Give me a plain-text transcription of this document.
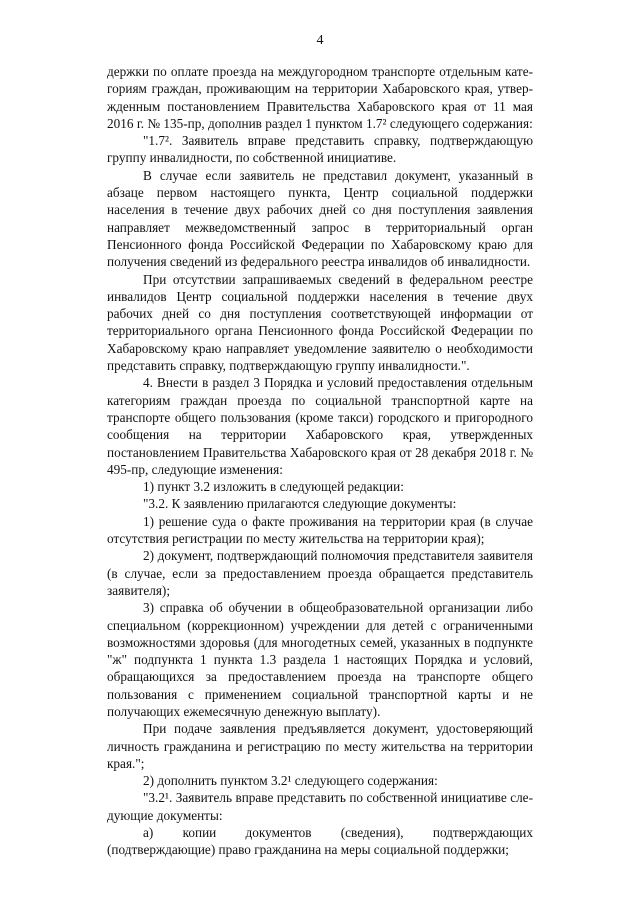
4

держки по оплате проезда на междугородном транспорте отдельным категориям граждан, проживающим на территории Хабаровского края, утвержденным постановлением Правительства Хабаровского края от 11 мая 2016 г. № 135-пр, дополнив раздел 1 пунктом 1.7² следующего содержания:

"1.7². Заявитель вправе представить справку, подтверждающую группу инвалидности, по собственной инициативе.

В случае если заявитель не представил документ, указанный в абзаце первом настоящего пункта, Центр социальной поддержки населения в течение двух рабочих дней со дня поступления заявления направляет межведомственный запрос в территориальный орган Пенсионного фонда Российской Федерации по Хабаровскому краю для получения сведений из федерального реестра инвалидов об инвалидности.

При отсутствии запрашиваемых сведений в федеральном реестре инвалидов Центр социальной поддержки населения в течение двух рабочих дней со дня поступления соответствующей информации от территориального органа Пенсионного фонда Российской Федерации по Хабаровскому краю направляет уведомление заявителю о необходимости представить справку, подтверждающую группу инвалидности.".

4. Внести в раздел 3 Порядка и условий предоставления отдельным категориям граждан проезда по социальной транспортной карте на транспорте общего пользования (кроме такси) городского и пригородного сообщения на территории Хабаровского края, утвержденных постановлением Правительства Хабаровского края от 28 декабря 2018 г. № 495-пр, следующие изменения:

1) пункт 3.2 изложить в следующей редакции:

"3.2. К заявлению прилагаются следующие документы:

1) решение суда о факте проживания на территории края (в случае отсутствия регистрации по месту жительства на территории края);

2) документ, подтверждающий полномочия представителя заявителя (в случае, если за предоставлением проезда обращается представитель заявителя);

3) справка об обучении в общеобразовательной организации либо специальном (коррекционном) учреждении для детей с ограниченными возможностями здоровья (для многодетных семей, указанных в подпункте "ж" подпункта 1 пункта 1.3 раздела 1 настоящих Порядка и условий, обращающихся за предоставлением проезда на транспорте общего пользования с применением социальной транспортной карты и не получающих ежемесячную денежную выплату).

При подаче заявления предъявляется документ, удостоверяющий личность гражданина и регистрацию по месту жительства на территории края.";

2) дополнить пунктом 3.2¹ следующего содержания:

"3.2¹. Заявитель вправе представить по собственной инициативе следующие документы:

а) копии документов (сведения), подтверждающих (подтверждающие) право гражданина на меры социальной поддержки;
